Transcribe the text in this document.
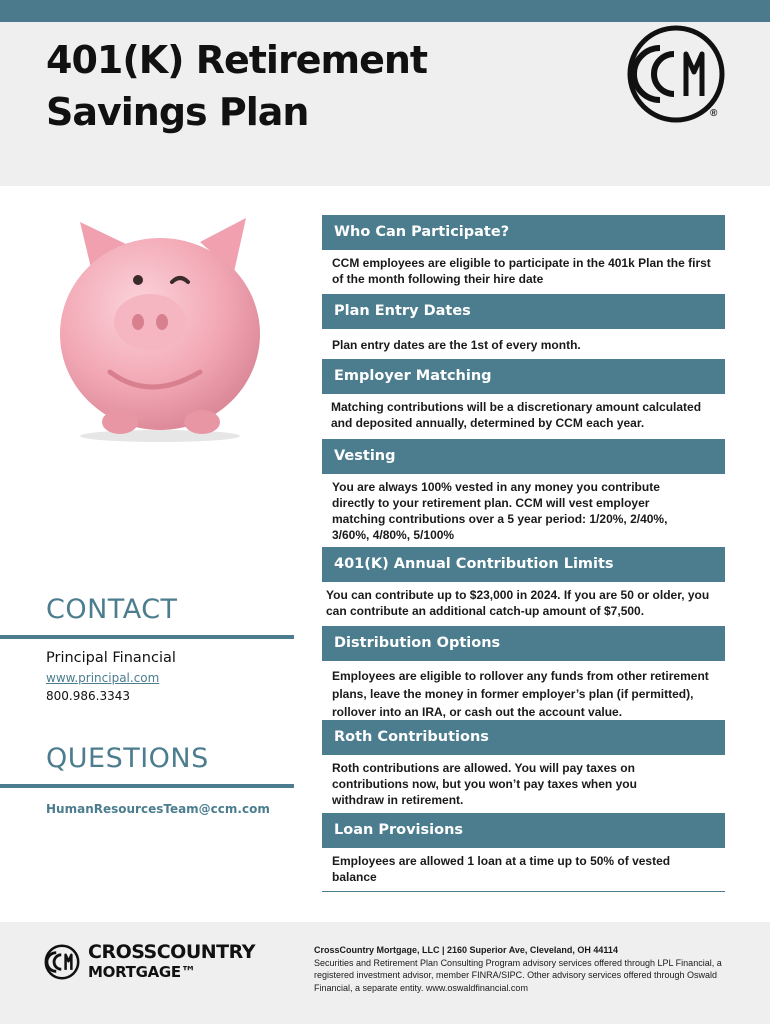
401(K) Retirement
Savings Plan	®
Who Can Participate?

CCM employees are eligible to participate in the 401k Plan the first of the month following their hire date

Plan Entry Dates

Plan entry dates are the 1st of every month.

Employer Matching

Matching contributions will be a discretionary amount calculated and deposited annually, determined by CCM each year.

Vesting

You are always 100% vested in any money you contribute directly to your retirement plan. CCM will vest employer matching contributions over a 5 year period: 1/20%, 2/40%, 3/60%, 4/80%, 5/100%

401(K) Annual Contribution Limits

You can contribute up to $23,000 in 2024. If you are 50 or older, you can contribute an additional catch-up amount of $7,500.

Distribution Options

Employees are eligible to rollover any funds from other retirement plans, leave the money in former employer’s plan (if permitted), rollover into an IRA, or cash out the account value.

Roth Contributions

Roth contributions are allowed. You will pay taxes on contributions now, but you won’t pay taxes when you withdraw in retirement.

Loan Provisions

Employees are allowed 1 loan at a time up to 50% of vested balance

CONTACT
Principal Financial
www.principal.com
800.986.3343
QUESTIONS
HumanResourcesTeam@ccm.com
CROSSCOUNTRY
MORTGAGE™
CrossCountry Mortgage, LLC | 2160 Superior Ave, Cleveland, OH 44114
Securities and Retirement Plan Consulting Program advisory services offered through LPL Financial, a registered investment advisor, member FINRA/SIPC. Other advisory services offered through Oswald Financial, a separate entity. www.oswaldfinancial.com
